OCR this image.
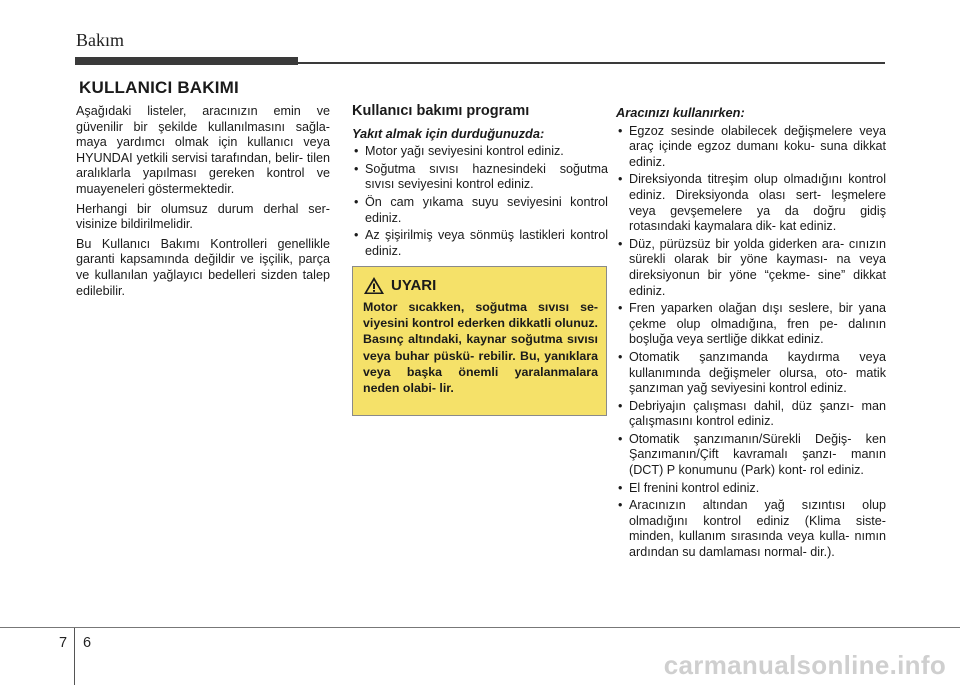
Bakım
KULLANICI BAKIMI

Aşağıdaki listeler, aracınızın emin ve güvenilir bir şekilde kullanılmasını sağla- maya yardımcı olmak için kullanıcı veya HYUNDAI yetkili servisi tarafından, belir- tilen aralıklarla yapılması gereken kontrol ve muayeneleri göstermektedir.

Herhangi bir olumsuz durum derhal ser- visinize bildirilmelidir.

Bu Kullanıcı Bakımı Kontrolleri genellikle garanti kapsamında değildir ve işçilik, parça ve kullanılan yağlayıcı bedelleri sizden talep edilebilir.

Kullanıcı bakımı programı
Yakıt almak için durduğunuzda:
• Motor yağı seviyesini kontrol ediniz.
• Soğutma sıvısı haznesindeki soğutma sıvısı seviyesini kontrol ediniz.
• Ön cam yıkama suyu seviyesini kontrol ediniz.
• Az şişirilmiş veya sönmüş lastikleri kontrol ediniz.
UYARI
Motor sıcakken, soğutma sıvısı se- viyesini kontrol ederken dikkatli olunuz. Basınç altındaki, kaynar soğutma sıvısı veya buhar püskü- rebilir. Bu, yanıklara veya başka önemli yaralanmalara neden olabi- lir.
Aracınızı kullanırken:
• Egzoz sesinde olabilecek değişmelere veya araç içinde egzoz dumanı koku- suna dikkat ediniz.
• Direksiyonda titreşim olup olmadığını kontrol ediniz. Direksiyonda olası sert- leşmelere veya gevşemelere ya da doğru gidiş rotasındaki kaymalara dik- kat ediniz.
• Düz, pürüzsüz bir yolda giderken ara- cınızın sürekli olarak bir yöne kayması- na veya direksiyonun bir yöne “çekme- sine” dikkat ediniz.
• Fren yaparken olağan dışı seslere, bir yana çekme olup olmadığına, fren pe- dalının boşluğa veya sertliğe dikkat ediniz.
• Otomatik şanzımanda kaydırma veya kullanımında değişmeler olursa, oto- matik şanzıman yağ seviyesini kontrol ediniz.
• Debriyajın çalışması dahil, düz şanzı- man çalışmasını kontrol ediniz.
• Otomatik şanzımanın/Sürekli Değiş- ken Şanzımanın/Çift kavramalı şanzı- manın (DCT) P konumunu (Park) kont- rol ediniz.
• El frenini kontrol ediniz.
• Aracınızın altından yağ sızıntısı olup olmadığını kontrol ediniz (Klima siste- minden, kullanım sırasında veya kulla- nımın ardından su damlaması normal- dir.).
7 6
carmanualsonline.info
